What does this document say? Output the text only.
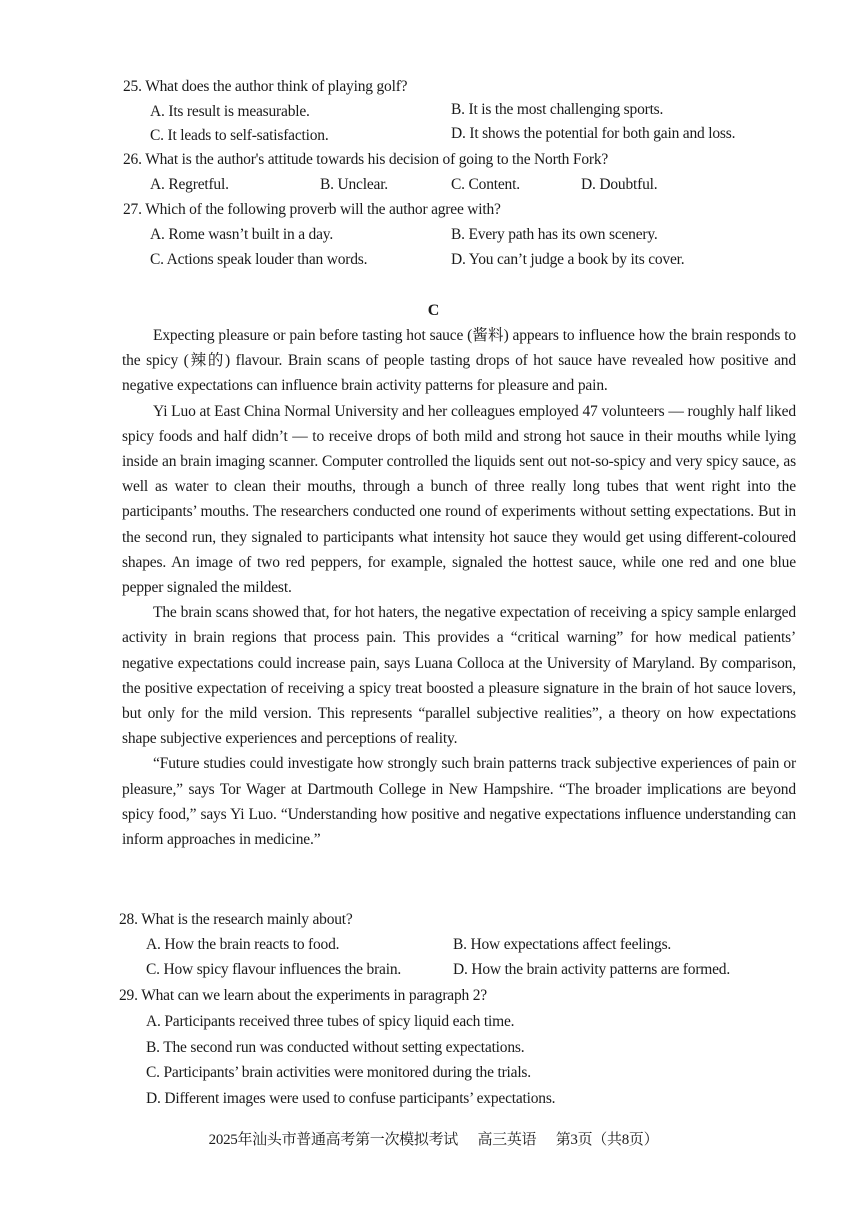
25. What does the author think of playing golf?
A. Its result is measurable.	B. It is the most challenging sports.
C. It leads to self-satisfaction.	D. It shows the potential for both gain and loss.
26. What is the author's attitude towards his decision of going to the North Fork?
A. Regretful.	B. Unclear.	C. Content.	D. Doubtful.
27. Which of the following proverb will the author agree with?
A. Rome wasn’t built in a day.	B. Every path has its own scenery.
C. Actions speak louder than words.	D. You can’t judge a book by its cover.
C

Expecting pleasure or pain before tasting hot sauce (酱料) appears to influence how the brain responds to the spicy (辣的) flavour. Brain scans of people tasting drops of hot sauce have revealed how positive and negative expectations can influence brain activity patterns for pleasure and pain.

Yi Luo at East China Normal University and her colleagues employed 47 volunteers — roughly half liked spicy foods and half didn’t — to receive drops of both mild and strong hot sauce in their mouths while lying inside an brain imaging scanner. Computer controlled the liquids sent out not-so-spicy and very spicy sauce, as well as water to clean their mouths, through a bunch of three really long tubes that went right into the participants’ mouths. The researchers conducted one round of experiments without setting expectations. But in the second run, they signaled to participants what intensity hot sauce they would get using different-coloured shapes. An image of two red peppers, for example, signaled the hottest sauce, while one red and one blue pepper signaled the mildest.

The brain scans showed that, for hot haters, the negative expectation of receiving a spicy sample enlarged activity in brain regions that process pain. This provides a “critical warning” for how medical patients’ negative expectations could increase pain, says Luana Colloca at the University of Maryland. By comparison, the positive expectation of receiving a spicy treat boosted a pleasure signature in the brain of hot sauce lovers, but only for the mild version. This represents “parallel subjective realities”, a theory on how expectations shape subjective experiences and perceptions of reality.

“Future studies could investigate how strongly such brain patterns track subjective experiences of pain or pleasure,” says Tor Wager at Dartmouth College in New Hampshire. “The broader implications are beyond spicy food,” says Yi Luo. “Understanding how positive and negative expectations influence understanding can inform approaches in medicine.”

28. What is the research mainly about?
A. How the brain reacts to food.	B. How expectations affect feelings.
C. How spicy flavour influences the brain.	D. How the brain activity patterns are formed.
29. What can we learn about the experiments in paragraph 2?
A. Participants received three tubes of spicy liquid each time.
B. The second run was conducted without setting expectations.
C. Participants’ brain activities were monitored during the trials.
D. Different images were used to confuse participants’ expectations.
2025年汕头市普通高考第一次模拟考试 高三英语 第3页（共8页）
